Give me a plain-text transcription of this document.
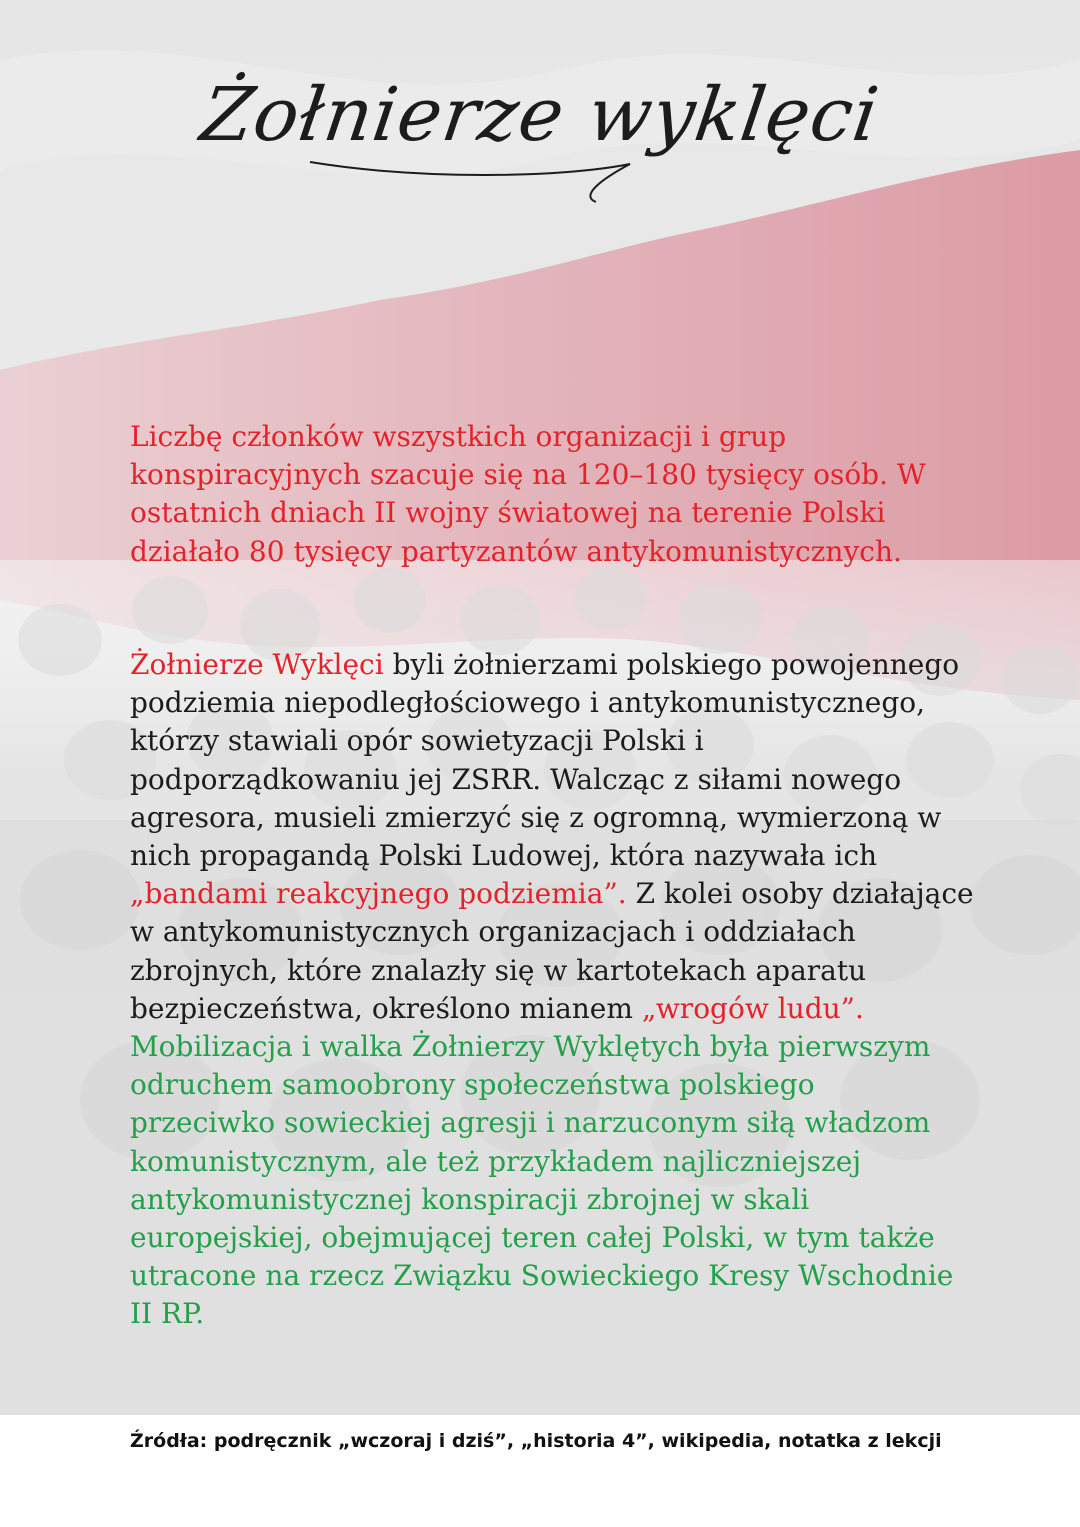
Żołnierze wyklęci

Liczbę członków wszystkich organizacji i grup
konspiracyjnych szacuje się na 120–180 tysięcy osób. W
ostatnich dniach II wojny światowej na terenie Polski
działało 80 tysięcy partyzantów antykomunistycznych.

Żołnierze Wyklęci byli żołnierzami polskiego powojennego
podziemia niepodległościowego i antykomunistycznego,
którzy stawiali opór sowietyzacji Polski i
podporządkowaniu jej ZSRR. Walcząc z siłami nowego
agresora, musieli zmierzyć się z ogromną, wymierzoną w
nich propagandą Polski Ludowej, która nazywała ich
„bandami reakcyjnego podziemia”. Z kolei osoby działające
w antykomunistycznych organizacjach i oddziałach
zbrojnych, które znalazły się w kartotekach aparatu
bezpieczeństwa, określono mianem „wrogów ludu”.
Mobilizacja i walka Żołnierzy Wyklętych była pierwszym
odruchem samoobrony społeczeństwa polskiego
przeciwko sowieckiej agresji i narzuconym siłą władzom
komunistycznym, ale też przykładem najliczniejszej
antykomunistycznej konspiracji zbrojnej w skali
europejskiej, obejmującej teren całej Polski, w tym także
utracone na rzecz Związku Sowieckiego Kresy Wschodnie
II RP.

Źródła: podręcznik „wczoraj i dziś”, „historia 4”, wikipedia, notatka z lekcji
